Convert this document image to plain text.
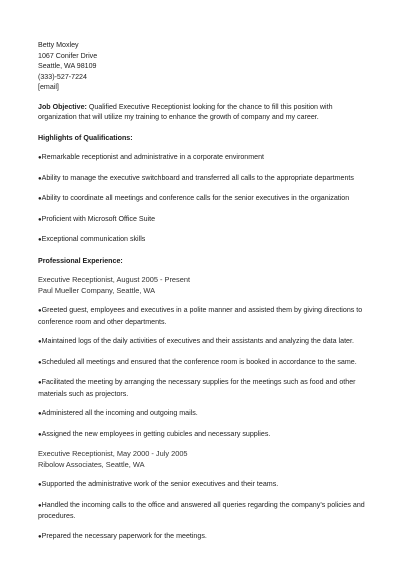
Betty Moxley
1067 Conifer Drive
Seattle, WA 98109
(333)-527-7224
[email]
Job Objective: Qualified Executive Receptionist looking for the chance to fill this position with organization that will utilize my training to enhance the growth of company and my career.
Highlights of Qualifications:
●Remarkable receptionist and administrative in a corporate environment
●Ability to manage the executive switchboard and transferred all calls to the appropriate departments
●Ability to coordinate all meetings and conference calls for the senior executives in the organization
●Proficient with Microsoft Office Suite
●Exceptional communication skills
Professional Experience:
Executive Receptionist, August 2005 - Present
Paul Mueller Company, Seattle, WA
●Greeted guest, employees and executives in a polite manner and assisted them by giving directions to conference room and other departments.
●Maintained logs of the daily activities of executives and their assistants and analyzing the data later.
●Scheduled all meetings and ensured that the conference room is booked in accordance to the same.
●Facilitated the meeting by arranging the necessary supplies for the meetings such as food and other materials such as projectors.
●Administered all the incoming and outgoing mails.
●Assigned the new employees in getting cubicles and necessary supplies.
Executive Receptionist, May 2000 - July 2005
Ribolow Associates, Seattle, WA
●Supported the administrative work of the senior executives and their teams.
●Handled the incoming calls to the office and answered all queries regarding the company’s policies and procedures.
●Prepared the necessary paperwork for the meetings.
